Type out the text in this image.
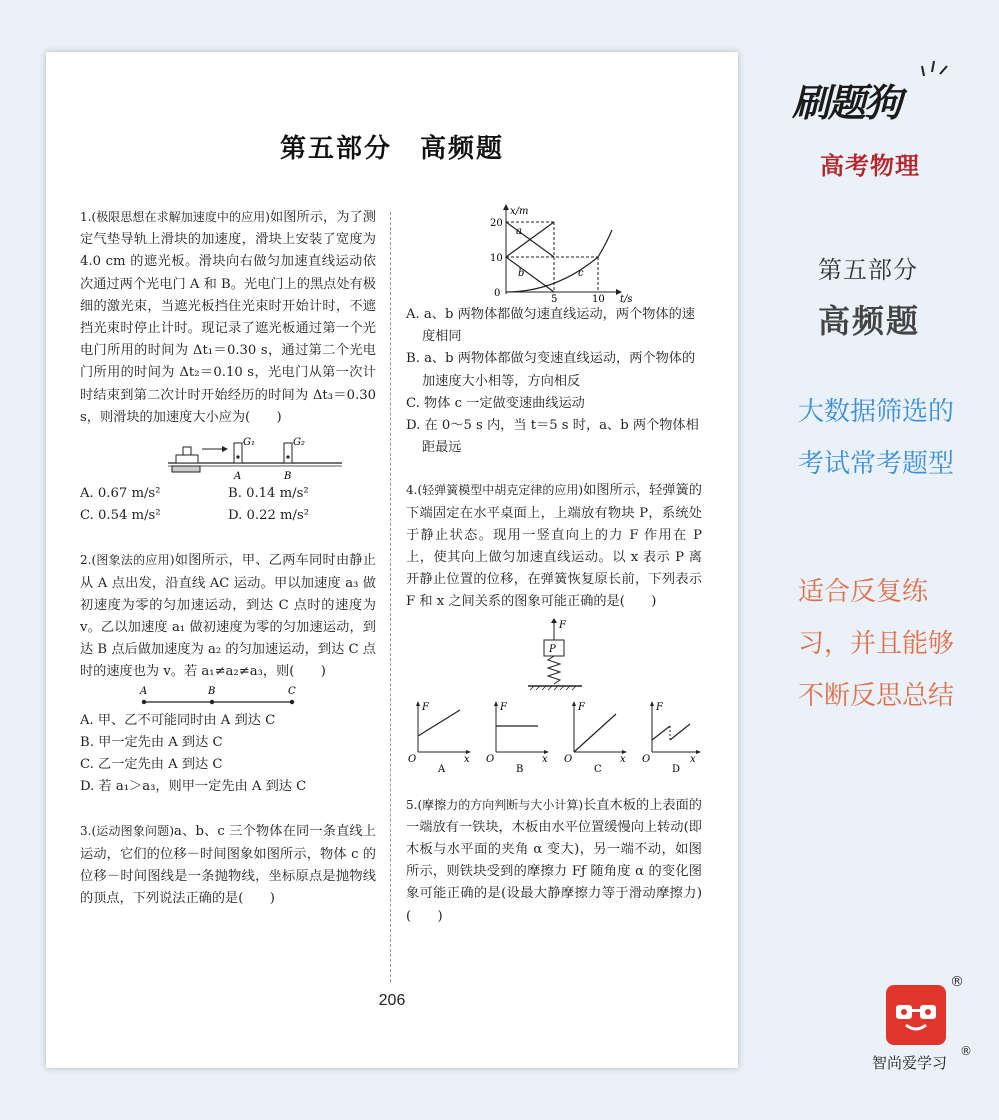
第五部分　高频题

1.(极限思想在求解加速度中的应用)如图所示，为了测定气垫导轨上滑块的加速度，滑块上安装了宽度为 4.0 cm 的遮光板。滑块向右做匀加速直线运动依次通过两个光电门 A 和 B。光电门上的黑点处有极细的激光束，当遮光板挡住光束时开始计时，不遮挡光束时停止计时。现记录了遮光板通过第一个光电门所用的时间为 Δt₁＝0.30 s，通过第二个光电门所用的时间为 Δt₂＝0.10 s，光电门从第一次计时结束到第二次计时开始经历的时间为 Δt₃＝0.30 s，则滑块的加速度大小应为(　　)

G₁	G₂
A	B
A. 0.67 m/s²	B. 0.14 m/s²
C. 0.54 m/s²	D. 0.22 m/s²

2.(图象法的应用)如图所示，甲、乙两车同时由静止从 A 点出发，沿直线 AC 运动。甲以加速度 a₃ 做初速度为零的匀加速运动，到达 C 点时的速度为 v。乙以加速度 a₁ 做初速度为零的匀加速运动，到达 B 点后做加速度为 a₂ 的匀加速运动，到达 C 点时的速度也为 v。若 a₁≠a₂≠a₃，则(　　)

A	B	C

A. 甲、乙不可能同时由 A 到达 C

B. 甲一定先由 A 到达 C

C. 乙一定先由 A 到达 C

D. 若 a₁＞a₃，则甲一定先由 A 到达 C

3.(运动图象问题)a、b、c 三个物体在同一条直线上运动，它们的位移－时间图象如图所示，物体 c 的位移－时间图线是一条抛物线，坐标原点是抛物线的顶点，下列说法正确的是(　　)

x/m
t/s
20
10
0
5	10
a
b	c

A. a、b 两物体都做匀速直线运动，两个物体的速度相同

B. a、b 两物体都做匀变速直线运动，两个物体的加速度大小相等，方向相反

C. 物体 c 一定做变速曲线运动

D. 在 0～5 s 内，当 t＝5 s 时，a、b 两个物体相距最远

4.(轻弹簧模型中胡克定律的应用)如图所示，轻弹簧的下端固定在水平桌面上，上端放有物块 P，系统处于静止状态。现用一竖直向上的力 F 作用在 P 上，使其向上做匀加速直线运动。以 x 表示 P 离开静止位置的位移，在弹簧恢复原长前，下列表示 F 和 x 之间关系的图象可能正确的是(　　)

F
P
F
O	x
A
F
O	x
B
F
O	x
C
F
O	x
D

5.(摩擦力的方向判断与大小计算)长直木板的上表面的一端放有一铁块，木板由水平位置缓慢向上转动(即木板与水平面的夹角 α 变大)，另一端不动，如图所示，则铁块受到的摩擦力 Fƒ 随角度 α 的变化图象可能正确的是(设最大静摩擦力等于滑动摩擦力)(　　)

206
刷题狗
高考物理
第五部分
高频题
大数据筛选的考试常考题型
适合反复练习，并且能够不断反思总结
®
智尚爱学习
®
